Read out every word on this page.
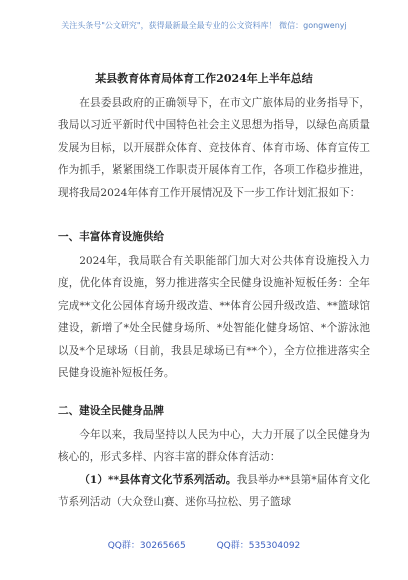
关注头条号"公文研究"，获得最新最全最专业的公文资料库！ 微信：gongwenyj
某县教育体育局体育工作2024年上半年总结

在县委县政府的正确领导下，在市文广旅体局的业务指导下，我局以习近平新时代中国特色社会主义思想为指导，以绿色高质量发展为目标，以开展群众体育、竞技体育、体育市场、体育宣传工作为抓手，紧紧围绕工作职责开展体育工作，各项工作稳步推进，现将我局2024年体育工作开展情况及下一步工作计划汇报如下：

一、丰富体育设施供给

2024年，我局联合有关职能部门加大对公共体育设施投入力度，优化体育设施，努力推进落实全民健身设施补短板任务：全年完成**文化公园体育场升级改造、**体育公园升级改造、**篮球馆建设，新增了*处全民健身场所、*处智能化健身场馆、*个游泳池以及*个足球场（目前，我县足球场已有**个），全方位推进落实全民健身设施补短板任务。

二、建设全民健身品牌

今年以来，我局坚持以人民为中心，大力开展了以全民健身为核心的，形式多样、内容丰富的群众体育活动：

（1）**县体育文化节系列活动。我县举办**县第*届体育文化节系列活动（大众登山赛、迷你马拉松、男子篮球

QQ群：30265665	QQ群：535304092
